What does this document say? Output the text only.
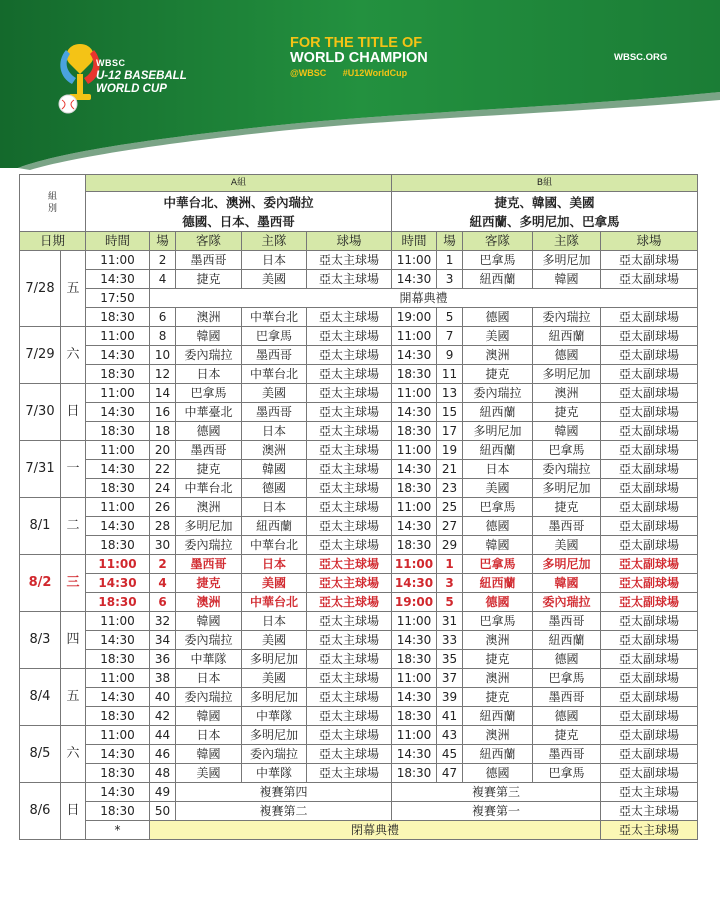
WBSC
U-12 BASEBALL
WORLD CUP
FOR THE TITLE OF
WORLD CHAMPION
@WBSC #U12WorldCup
WBSC.ORG
組
別		A組					B組				
		中華台北、澳洲、委內瑞拉
德國、日本、墨西哥					捷克、韓國、美國
紐西蘭、多明尼加、巴拿馬				
日期		時間	場	客隊	主隊	球場	時間	場	客隊	主隊	球場
7/28	五	11:00	2	墨西哥	日本	亞太主球場	11:00	1	巴拿馬	多明尼加	亞太副球場
		14:30	4	捷克	美國	亞太主球場	14:30	3	紐西蘭	韓國	亞太副球場
		17:50	開幕典禮								
		18:30	6	澳洲	中華台北	亞太主球場	19:00	5	德國	委內瑞拉	亞太副球場
7/29	六	11:00	8	韓國	巴拿馬	亞太主球場	11:00	7	美國	紐西蘭	亞太副球場
		14:30	10	委內瑞拉	墨西哥	亞太主球場	14:30	9	澳洲	德國	亞太副球場
		18:30	12	日本	中華台北	亞太主球場	18:30	11	捷克	多明尼加	亞太副球場
7/30	日	11:00	14	巴拿馬	美國	亞太主球場	11:00	13	委內瑞拉	澳洲	亞太副球場
		14:30	16	中華臺北	墨西哥	亞太主球場	14:30	15	紐西蘭	捷克	亞太副球場
		18:30	18	德國	日本	亞太主球場	18:30	17	多明尼加	韓國	亞太副球場
7/31	一	11:00	20	墨西哥	澳洲	亞太主球場	11:00	19	紐西蘭	巴拿馬	亞太副球場
		14:30	22	捷克	韓國	亞太主球場	14:30	21	日本	委內瑞拉	亞太副球場
		18:30	24	中華台北	德國	亞太主球場	18:30	23	美國	多明尼加	亞太副球場
8/1	二	11:00	26	澳洲	日本	亞太主球場	11:00	25	巴拿馬	捷克	亞太副球場
		14:30	28	多明尼加	紐西蘭	亞太主球場	14:30	27	德國	墨西哥	亞太副球場
		18:30	30	委內瑞拉	中華台北	亞太主球場	18:30	29	韓國	美國	亞太副球場
8/2	三	11:00	2	墨西哥	日本	亞太主球場	11:00	1	巴拿馬	多明尼加	亞太副球場
		14:30	4	捷克	美國	亞太主球場	14:30	3	紐西蘭	韓國	亞太副球場
		18:30	6	澳洲	中華台北	亞太主球場	19:00	5	德國	委內瑞拉	亞太副球場
8/3	四	11:00	32	韓國	日本	亞太主球場	11:00	31	巴拿馬	墨西哥	亞太副球場
		14:30	34	委內瑞拉	美國	亞太主球場	14:30	33	澳洲	紐西蘭	亞太副球場
		18:30	36	中華隊	多明尼加	亞太主球場	18:30	35	捷克	德國	亞太副球場
8/4	五	11:00	38	日本	美國	亞太主球場	11:00	37	澳洲	巴拿馬	亞太副球場
		14:30	40	委內瑞拉	多明尼加	亞太主球場	14:30	39	捷克	墨西哥	亞太副球場
		18:30	42	韓國	中華隊	亞太主球場	18:30	41	紐西蘭	德國	亞太副球場
8/5	六	11:00	44	日本	多明尼加	亞太主球場	11:00	43	澳洲	捷克	亞太副球場
		14:30	46	韓國	委內瑞拉	亞太主球場	14:30	45	紐西蘭	墨西哥	亞太副球場
		18:30	48	美國	中華隊	亞太主球場	18:30	47	德國	巴拿馬	亞太副球場
8/6	日	14:30	49	複賽第四			複賽第三				亞太主球場
		18:30	50	複賽第二			複賽第一				亞太主球場
		*	閉幕典禮								亞太主球場
